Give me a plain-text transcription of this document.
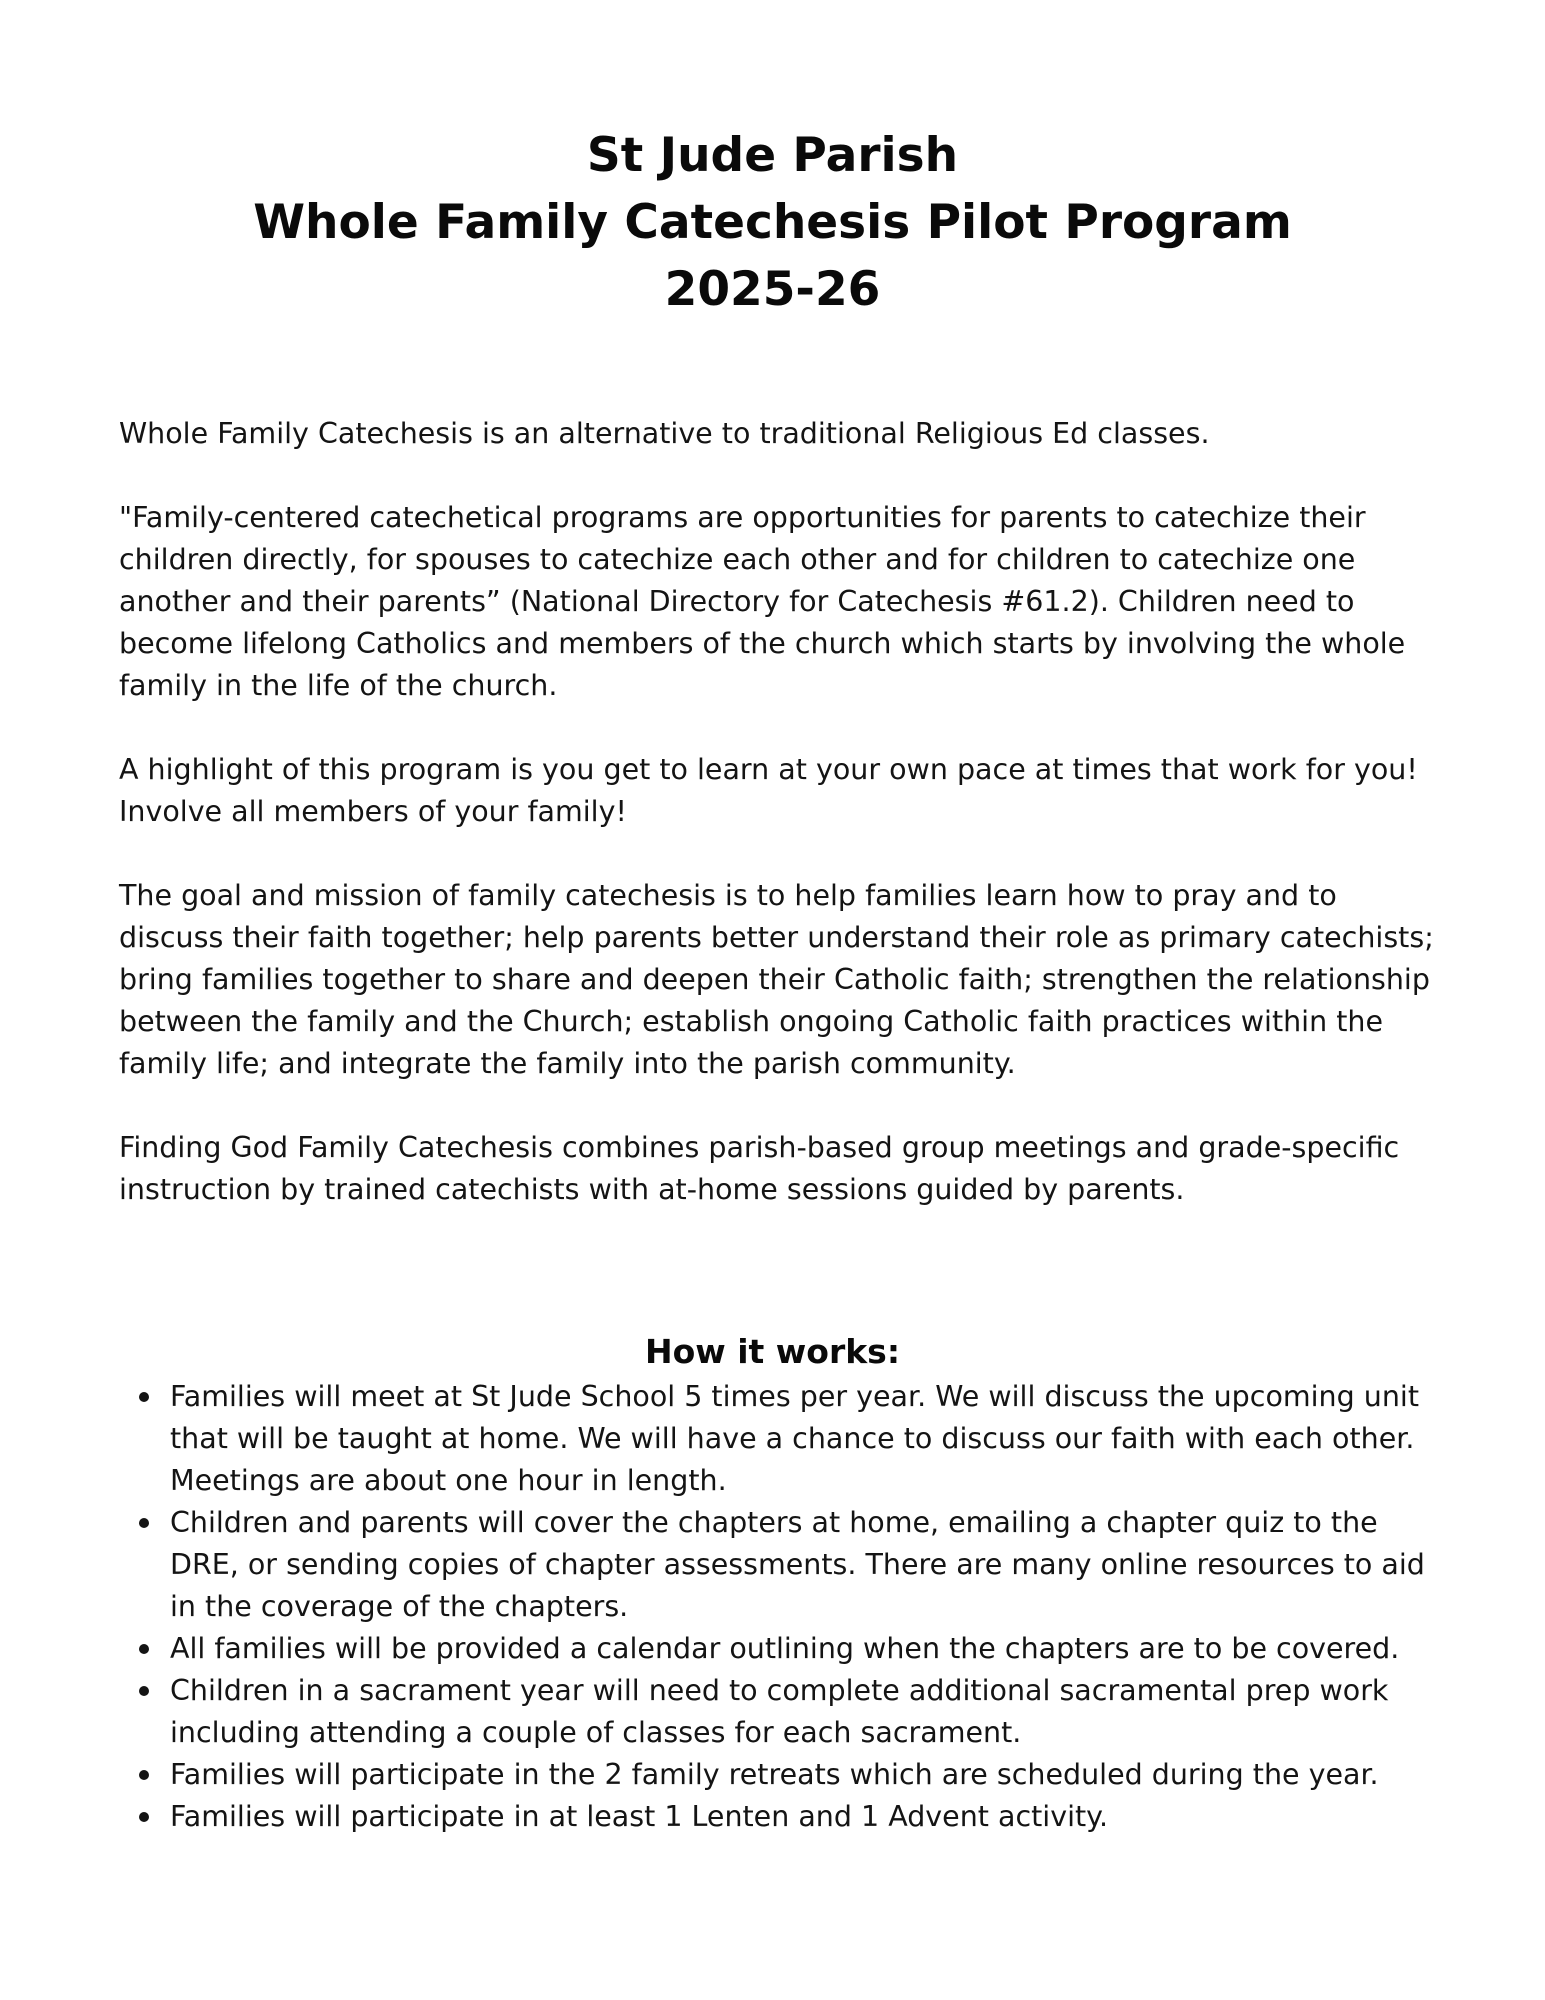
St Jude Parish

Whole Family Catechesis Pilot Program

2025-26

Whole Family Catechesis is an alternative to traditional Religious Ed classes.

"Family-centered catechetical programs are opportunities for parents to catechize their children directly, for spouses to catechize each other and for children to catechize one another and their parents” (National Directory for Catechesis #61.2). Children need to become lifelong Catholics and members of the church which starts by involving the whole family in the life of the church.

A highlight of this program is you get to learn at your own pace at times that work for you! Involve all members of your family!

The goal and mission of family catechesis is to help families learn how to pray and to discuss their faith together; help parents better understand their role as primary catechists; bring families together to share and deepen their Catholic faith; strengthen the relationship between the family and the Church; establish ongoing Catholic faith practices within the family life; and integrate the family into the parish community.

Finding God Family Catechesis combines parish-based group meetings and grade-specific instruction by trained catechists with at-home sessions guided by parents.

How it works:
Families will meet at St Jude School 5 times per year. We will discuss the upcoming unit that will be taught at home. We will have a chance to discuss our faith with each other. Meetings are about one hour in length.
Children and parents will cover the chapters at home, emailing a chapter quiz to the DRE, or sending copies of chapter assessments. There are many online resources to aid in the coverage of the chapters.
All families will be provided a calendar outlining when the chapters are to be covered.
Children in a sacrament year will need to complete additional sacramental prep work including attending a couple of classes for each sacrament.
Families will participate in the 2 family retreats which are scheduled during the year.
Families will participate in at least 1 Lenten and 1 Advent activity.
